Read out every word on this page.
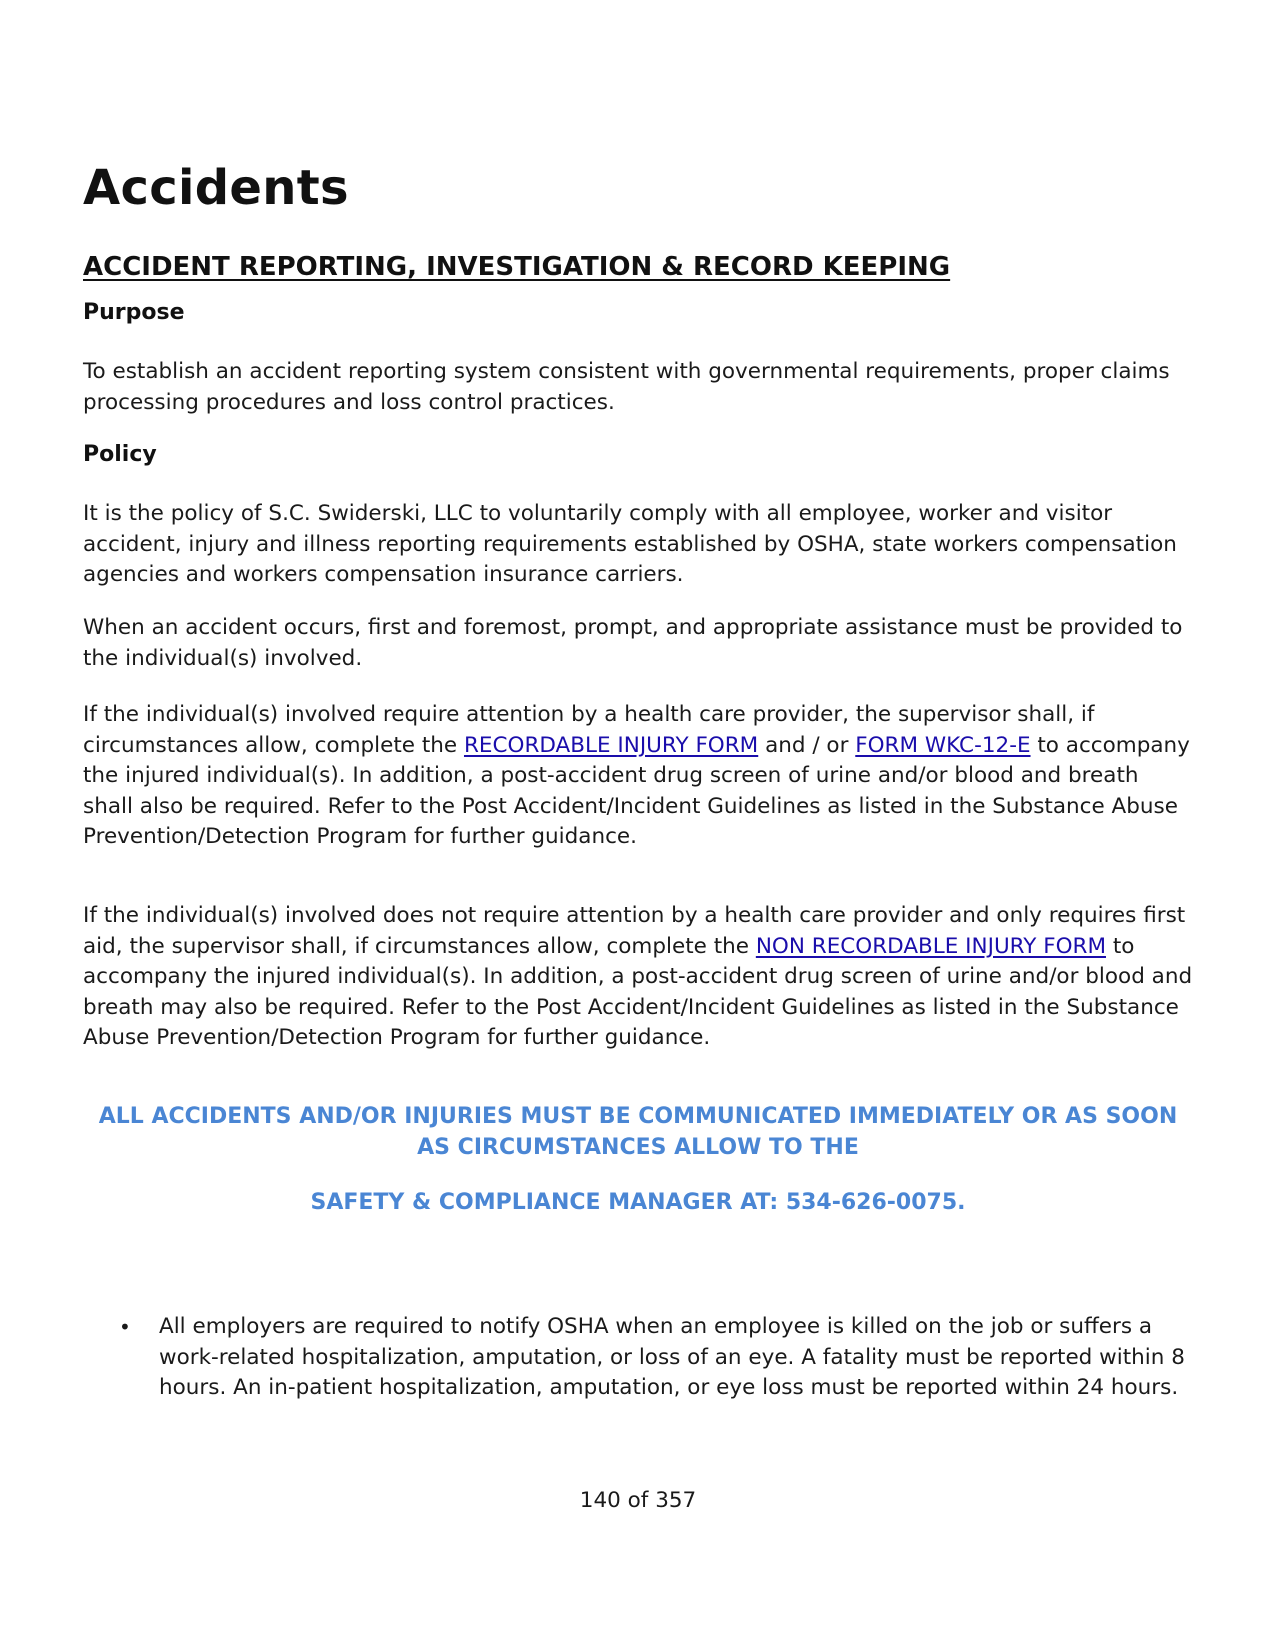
Accidents
ACCIDENT REPORTING, INVESTIGATION & RECORD KEEPING
Purpose

To establish an accident reporting system consistent with governmental requirements, proper claims processing procedures and loss control practices.

Policy

It is the policy of S.C. Swiderski, LLC to voluntarily comply with all employee, worker and visitor accident, injury and illness reporting requirements established by OSHA, state workers compensation agencies and workers compensation insurance carriers.

When an accident occurs, first and foremost, prompt, and appropriate assistance must be provided to the individual(s) involved.

If the individual(s) involved require attention by a health care provider, the supervisor shall, if circumstances allow, complete the RECORDABLE INJURY FORM and / or FORM WKC-12-E to accompany the injured individual(s). In addition, a post-accident drug screen of urine and/or blood and breath shall also be required. Refer to the Post Accident/Incident Guidelines as listed in the Substance Abuse Prevention/Detection Program for further guidance.

If the individual(s) involved does not require attention by a health care provider and only requires first aid, the supervisor shall, if circumstances allow, complete the NON RECORDABLE INJURY FORM to accompany the injured individual(s). In addition, a post-accident drug screen of urine and/or blood and breath may also be required. Refer to the Post Accident/Incident Guidelines as listed in the Substance Abuse Prevention/Detection Program for further guidance.

ALL ACCIDENTS AND/OR INJURIES MUST BE COMMUNICATED IMMEDIATELY OR AS SOON AS CIRCUMSTANCES ALLOW TO THE

SAFETY & COMPLIANCE MANAGER AT: 534-626-0075.

• All employers are required to notify OSHA when an employee is killed on the job or suffers a work-related hospitalization, amputation, or loss of an eye. A fatality must be reported within 8 hours. An in-patient hospitalization, amputation, or eye loss must be reported within 24 hours.
140 of 357
